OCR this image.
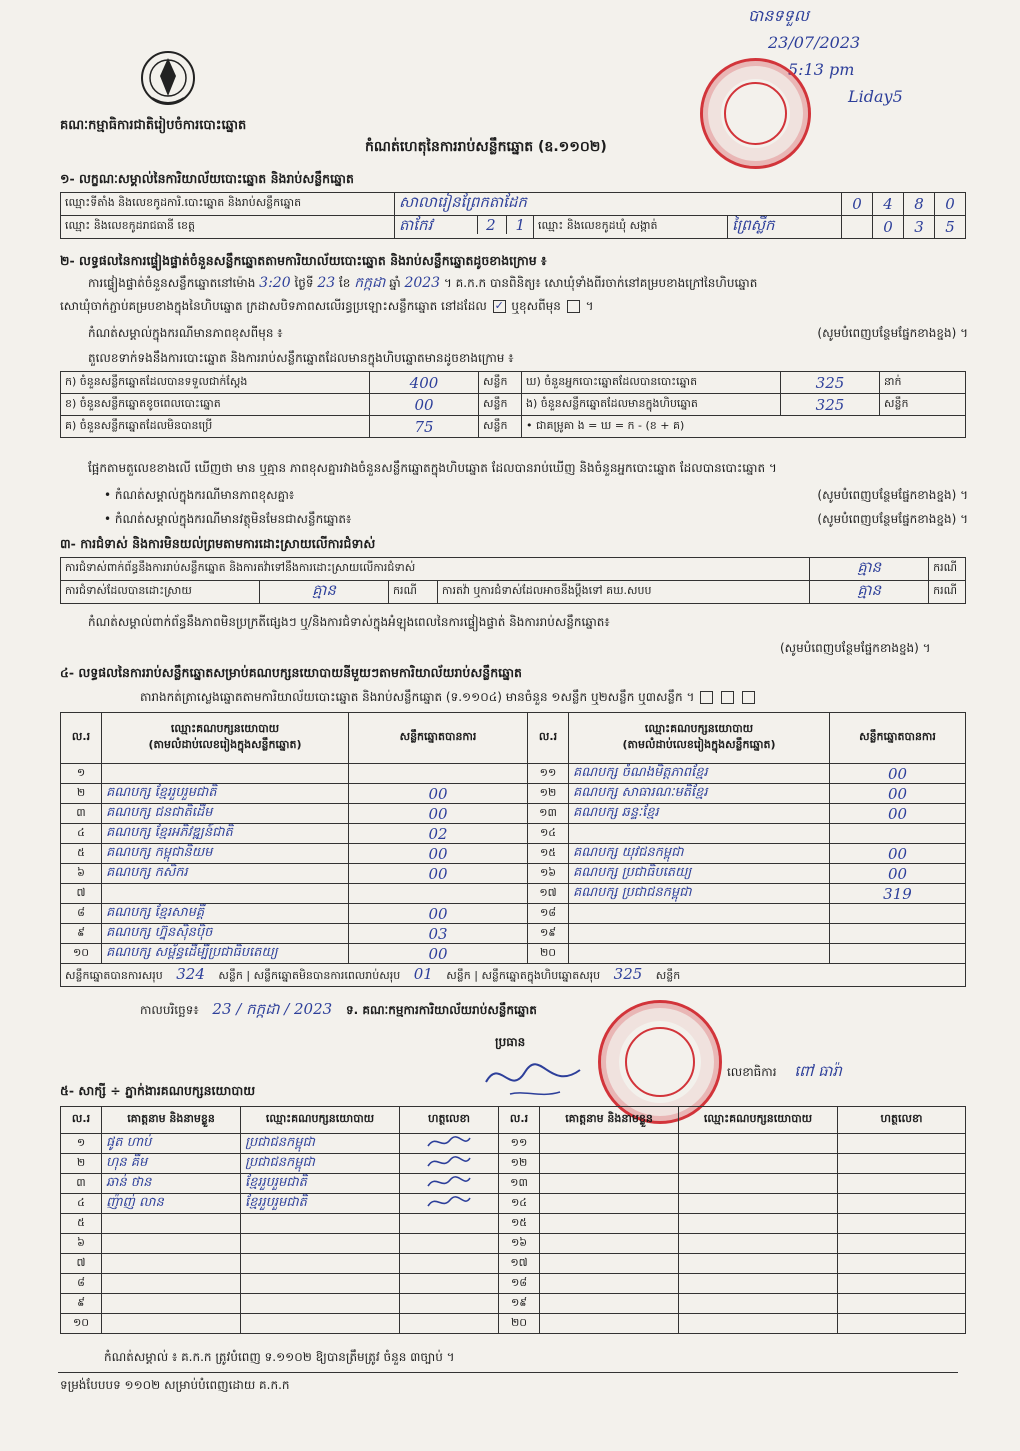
គណៈកម្មាធិការជាតិរៀបចំការបោះឆ្នោត
បាន​ទទួល
23/07/2023
5:13 pm
Liday5
កំណត់ហេតុនៃការរាប់សន្លឹកឆ្នោត (ឧ.១១០២)
១- លក្ខណៈសម្គាល់នៃការិយាល័យបោះឆ្នោត និងរាប់សន្លឹកឆ្នោត
ឈ្មោះទីតាំង និងលេខកូដការិ.បោះឆ្នោត និងរាប់សន្លឹកឆ្នោត	សាលារៀនព្រែកតាដែក			0	4	8	0
ឈ្មោះ និងលេខកូដរាជធានី ខេត្ត	តាកែវ 2 1	ឈ្មោះ និងលេខកូដឃុំ សង្កាត់	ព្រៃស្លឹក		0	3	5
២- លទ្ធផលនៃការផ្ទៀងផ្ទាត់ចំនួនសន្លឹកឆ្នោតតាមការិយាល័យបោះឆ្នោត និងរាប់សន្លឹកឆ្នោតដូចខាងក្រោម ៖
ការផ្ទៀងផ្ទាត់ចំនួនសន្លឹកឆ្នោតនៅម៉ោង 3:20 ថ្ងៃទី 23 ខែ កក្កដា ឆ្នាំ 2023 ។ គ.ក.ក បានពិនិត្យ៖ សោឃុំទាំងពីរចាក់នៅគម្របខាងក្រៅនៃហិបឆ្នោត
សោឃុំចាក់ភ្ជាប់គម្របខាងក្នុងនៃហិបឆ្នោត ក្រដាសបិទភាពសលើរន្ធប្រឡោះសន្លឹកឆ្នោត នៅដដែល ✓ ឬខុសពីមុន  ។
កំណត់សម្គាល់ក្នុងករណីមានភាពខុសពីមុន ៖	(សូមបំពេញបន្ថែមផ្នែកខាងខ្នង) ។
តួលេខទាក់ទងនឹងការបោះឆ្នោត និងការរាប់សន្លឹកឆ្នោតដែលមានក្នុងហិបឆ្នោតមានដូចខាងក្រោម ៖
ក) ចំនួនសន្លឹកឆ្នោតដែលបានទទួលជាក់ស្តែង	400	សន្លឹក	ឃ) ចំនួនអ្នកបោះឆ្នោតដែលបានបោះឆ្នោត	325	នាក់
ខ) ចំនួនសន្លឹកឆ្នោតខូចពេលបោះឆ្នោត	00	សន្លឹក	ង) ចំនួនសន្លឹកឆ្នោតដែលមានក្នុងហិបឆ្នោត	325	សន្លឹក
គ) ចំនួនសន្លឹកឆ្នោតដែលមិនបានប្រើ	75	សន្លឹក	• ជាគម្រូគា ង = ឃ = ក - (ខ + គ)		
ផ្អែកតាមតួលេខខាងលើ ឃើញថា មាន ឬគ្មាន ភាពខុសគ្នារវាងចំនួនសន្លឹកឆ្នោតក្នុងហិបឆ្នោត ដែលបានរាប់ឃើញ និងចំនួនអ្នកបោះឆ្នោត ដែលបានបោះឆ្នោត ។
• កំណត់សម្គាល់ក្នុងករណីមានភាពខុសគ្នា៖	(សូមបំពេញបន្ថែមផ្នែកខាងខ្នង) ។
• កំណត់សម្គាល់ក្នុងករណីមានវត្ថុមិនមែនជាសន្លឹកឆ្នោត៖	(សូមបំពេញបន្ថែមផ្នែកខាងខ្នង) ។
៣- ការជំទាស់ និងការមិនយល់ព្រមតាមការដោះស្រាយលើការជំទាស់
ការជំទាស់ពាក់ព័ន្ធនឹងការរាប់សន្លឹកឆ្នោត និងការតវ៉ាទៅនឹងការដោះស្រាយលើការជំទាស់				គ្មាន	ករណី
ការជំទាស់ដែលបានដោះស្រាយ	គ្មាន	ករណី	ការតវ៉ា ឬការជំទាស់ដែលអាចនឹងប្តឹងទៅ គឃ.សបប	គ្មាន	ករណី
កំណត់សម្គាល់ពាក់ព័ន្ធនឹងភាពមិនប្រក្រតីផ្សេងៗ ឬ/និងការជំទាស់ក្នុងអំឡុងពេលនៃការផ្ទៀងផ្ទាត់ និងការរាប់សន្លឹកឆ្នោត៖
(សូមបំពេញបន្ថែមផ្នែកខាងខ្នង) ។
៤- លទ្ធផលនៃការរាប់សន្លឹកឆ្នោតសម្រាប់គណបក្សនយោបាយនីមួយៗតាមការិយាល័យរាប់សន្លឹកឆ្នោត
តារាងកត់ត្រាស្លេងឆ្នោតតាមការិយាល័យបោះឆ្នោត និងរាប់សន្លឹកឆ្នោត (ទ.១១០៤) មានចំនួន ១សន្លឹក ឬ២សន្លឹក ឬ៣សន្លឹក ។
ល.រ	ឈ្មោះគណបក្សនយោបាយ
(តាមលំដាប់លេខរៀងក្នុងសន្លឹកឆ្នោត)	សន្លឹកឆ្នោតបានការ	ល.រ	ឈ្មោះគណបក្សនយោបាយ
(តាមលំដាប់លេខរៀងក្នុងសន្លឹកឆ្នោត)	សន្លឹកឆ្នោតបានការ
១			១១	គណបក្ស ចំណងមិត្តភាពខ្មែរ	00
២	គណបក្ស ខ្មែរ​រួបរួមជាតិ	00	១២	គណបក្ស សាធារណៈមតិខ្មែរ	00
៣	គណបក្ស ជនជាតិដើម	00	១៣	គណបក្ស ឆន្ទៈខ្មែរ	00
៤	គណបក្ស ខ្មែរអភិវឌ្ឍន៍ជាតិ	02	១៤		
៥	គណបក្ស កម្ពុជានិយម	00	១៥	គណបក្ស យុវជនកម្ពុជា	00
៦	គណបក្ស កសិករ	00	១៦	គណបក្ស ប្រជាធិបតេយ្យ	00
៧			១៧	គណបក្ស ប្រជាជនកម្ពុជា	319
៨	គណបក្ស ខ្មែរ​សាមគ្គី	00	១៨		
៩	គណបក្ស ហ្វ៊ុនស៊ិនប៉ិច	03	១៩		
១០	គណបក្ស សម្ព័ន្ធដើម្បីប្រជាធិបតេយ្យ	00	២០		
សន្លឹកឆ្នោតបានការសរុប 324 សន្លឹក | សន្លឹកឆ្នោតមិនបានការពេលរាប់សរុប 01 សន្លឹក | សន្លឹកឆ្នោតក្នុងហិបឆ្នោតសរុប 325 សន្លឹក					
កាលបរិច្ឆេទ៖ 23 / កក្កដា / 2023 ទ. គណៈកម្មការការិយាល័យរាប់សន្លឹកឆ្នោត
ប្រធាន
លេខាធិការ ពៅ ធារ៉ា
៥- សាក្សី ÷ ភ្នាក់ងារគណបក្សនយោបាយ
ល.រ	គោត្តនាម និងនាមខ្លួន	ឈ្មោះគណបក្សនយោបាយ	ហត្ថលេខា	ល.រ	គោត្តនាម និងនាមខ្លួន	ឈ្មោះគណបក្សនយោបាយ	ហត្ថលេខា
១	ផូត ហាប់	ប្រជាជនកម្ពុជា		១១			
២	ហុន គឹម	ប្រជាជនកម្ពុជា		១២			
៣	ឆាន់ ថាន	ខ្មែររួបរួមជាតិ		១៣			
៤	ញ៉ាញ់ លាន	ខ្មែររួបរួមជាតិ		១៤			
៥				១៥			
៦				១៦			
៧				១៧			
៨				១៨			
៩				១៩			
១០				២០			
កំណត់សម្គាល់ ៖ គ.ក.ក ត្រូវបំពេញ ទ.១១០២ ឱ្យបានត្រឹមត្រូវ ចំនួន ៣ច្បាប់ ។
ទម្រង់បែបបទ ១១០២ សម្រាប់បំពេញដោយ គ.ក.ក
